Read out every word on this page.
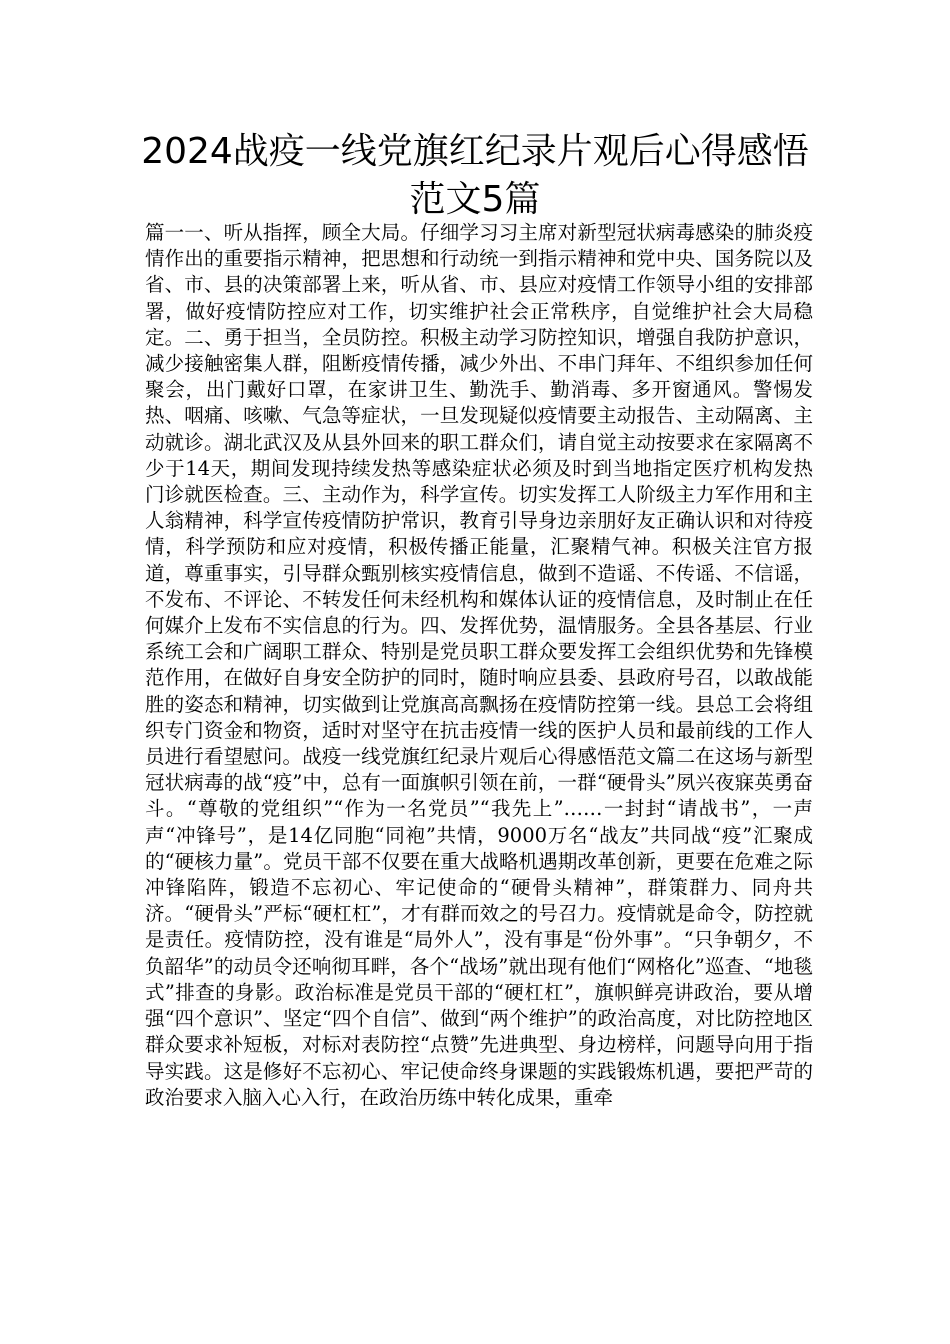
2024战疫一线党旗红纪录片观后心得感悟范文5篇

篇一一、听从指挥，顾全大局。仔细学习习主席对新型冠状病毒感染的肺炎疫情作出的重要指示精神，把思想和行动统一到指示精神和党中央、国务院以及省、市、县的决策部署上来，听从省、市、县应对疫情工作领导小组的安排部署，做好疫情防控应对工作，切实维护社会正常秩序，自觉维护社会大局稳定。二、勇于担当，全员防控。积极主动学习防控知识，增强自我防护意识，减少接触密集人群，阻断疫情传播，减少外出、不串门拜年、不组织参加任何聚会，出门戴好口罩，在家讲卫生、勤洗手、勤消毒、多开窗通风。警惕发热、咽痛、咳嗽、气急等症状，一旦发现疑似疫情要主动报告、主动隔离、主动就诊。湖北武汉及从县外回来的职工群众们，请自觉主动按要求在家隔离不少于14天，期间发现持续发热等感染症状必须及时到当地指定医疗机构发热门诊就医检查。三、主动作为，科学宣传。切实发挥工人阶级主力军作用和主人翁精神，科学宣传疫情防护常识，教育引导身边亲朋好友正确认识和对待疫情，科学预防和应对疫情，积极传播正能量，汇聚精气神。积极关注官方报道，尊重事实，引导群众甄别核实疫情信息，做到不造谣、不传谣、不信谣，不发布、不评论、不转发任何未经机构和媒体认证的疫情信息，及时制止在任何媒介上发布不实信息的行为。四、发挥优势，温情服务。全县各基层、行业系统工会和广阔职工群众、特别是党员职工群众要发挥工会组织优势和先锋模范作用，在做好自身安全防护的同时，随时响应县委、县政府号召，以敢战能胜的姿态和精神，切实做到让党旗高高飘扬在疫情防控第一线。县总工会将组织专门资金和物资，适时对坚守在抗击疫情一线的医护人员和最前线的工作人员进行看望慰问。战疫一线党旗红纪录片观后心得感悟范文篇二在这场与新型冠状病毒的战“疫”中，总有一面旗帜引领在前，一群“硬骨头”夙兴夜寐英勇奋斗。“尊敬的党组织”“作为一名党员”“我先上”……一封封“请战书”，一声声“冲锋号”，是14亿同胞“同袍”共情，9000万名“战友”共同战“疫”汇聚成的“硬核力量”。党员干部不仅要在重大战略机遇期改革创新，更要在危难之际冲锋陷阵，锻造不忘初心、牢记使命的“硬骨头精神”，群策群力、同舟共济。“硬骨头”严标“硬杠杠”，才有群而效之的号召力。疫情就是命令，防控就是责任。疫情防控，没有谁是“局外人”，没有事是“份外事”。“只争朝夕，不负韶华”的动员令还响彻耳畔，各个“战场”就出现有他们“网格化”巡查、“地毯式”排查的身影。政治标准是党员干部的“硬杠杠”，旗帜鲜亮讲政治，要从增强“四个意识”、坚定“四个自信”、做到“两个维护”的政治高度，对比防控地区群众要求补短板，对标对表防控“点赞”先进典型、身边榜样，问题导向用于指导实践。这是修好不忘初心、牢记使命终身课题的实践锻炼机遇，要把严苛的政治要求入脑入心入行，在政治历练中转化成果，重牵
